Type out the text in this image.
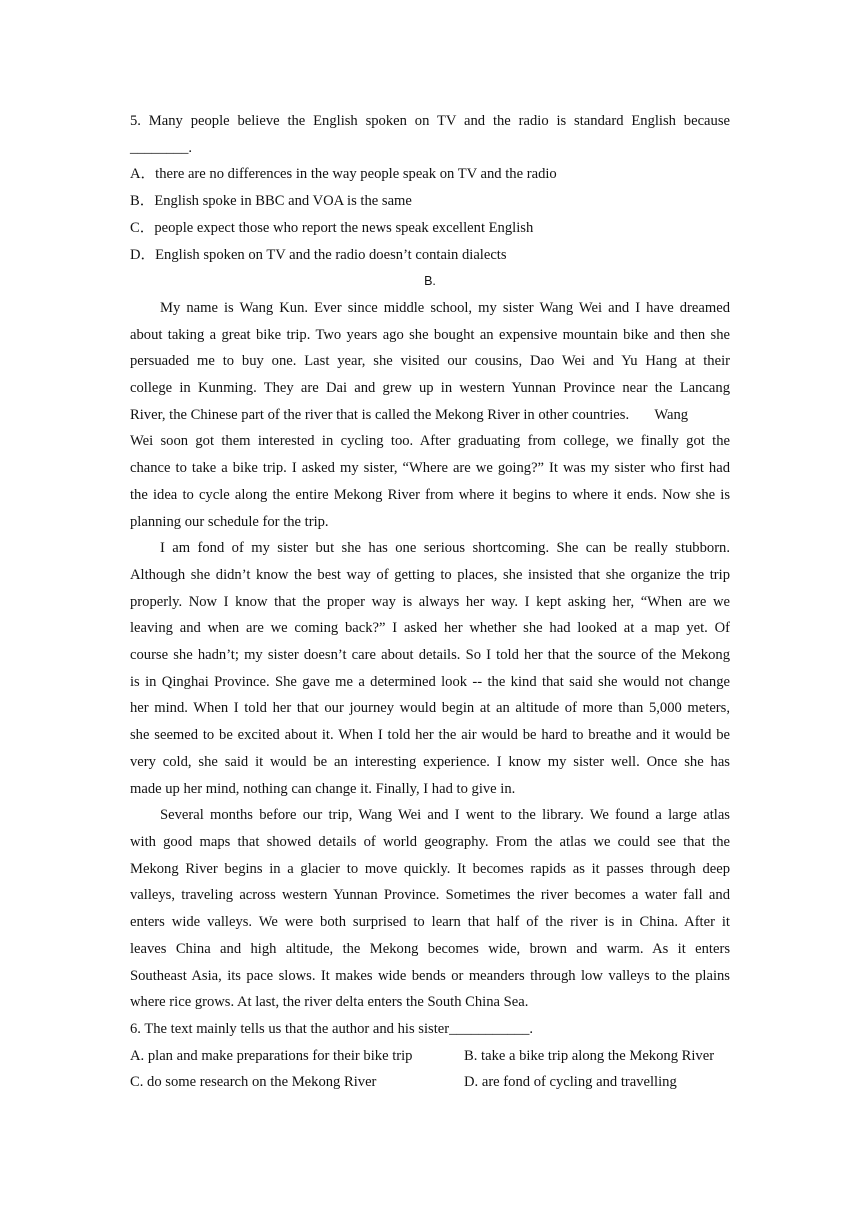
5. Many people believe the English spoken on TV and the radio is standard English because

________.

A．there are no differences in the way people speak on TV and the radio

B．English spoke in BBC and VOA is the same

C．people expect those who report the news speak excellent English

D．English spoken on TV and the radio doesn’t contain dialects

B.

My name is Wang Kun. Ever since middle school, my sister Wang Wei and I have dreamed

about taking a great bike trip. Two years ago she bought an expensive mountain bike and then she

persuaded me to buy one. Last year, she visited our cousins, Dao Wei and Yu Hang at their

college in Kunming. They are Dai and grew up in western Yunnan Province near the Lancang

River, the Chinese part of the river that is called the Mekong River in other countries.       Wang

Wei soon got them interested in cycling too. After graduating from college, we finally got the

chance to take a bike trip. I asked my sister, “Where are we going?” It was my sister who first had

the idea to cycle along the entire Mekong River from where it begins to where it ends. Now she is

planning our schedule for the trip.

I am fond of my sister but she has one serious shortcoming. She can be really stubborn.

Although she didn’t know the best way of getting to places, she insisted that she organize the trip

properly. Now I know that the proper way is always her way. I kept asking her, “When are we

leaving and when are we coming back?” I asked her whether she had looked at a map yet. Of

course she hadn’t; my sister doesn’t care about details. So I told her that the source of the Mekong

is in Qinghai Province. She gave me a determined look -- the kind that said she would not change

her mind. When I told her that our journey would begin at an altitude of more than 5,000 meters,

she seemed to be excited about it. When I told her the air would be hard to breathe and it would be

very cold, she said it would be an interesting experience. I know my sister well. Once she has

made up her mind, nothing can change it. Finally, I had to give in.

Several months before our trip, Wang Wei and I went to the library. We found a large atlas

with good maps that showed details of world geography. From the atlas we could see that the

Mekong River begins in a glacier to move quickly. It becomes rapids as it passes through deep

valleys, traveling across western Yunnan Province. Sometimes the river becomes a water fall and

enters wide valleys. We were both surprised to learn that half of the river is in China. After it

leaves China and high altitude, the Mekong becomes wide, brown and warm. As it enters

Southeast Asia, its pace slows. It makes wide bends or meanders through low valleys to the plains

where rice grows. At last, the river delta enters the South China Sea.

6. The text mainly tells us that the author and his sister___________.

A. plan and make preparations for their bike trip	B. take a bike trip along the Mekong River
C. do some research on the Mekong River	D. are fond of cycling and travelling
